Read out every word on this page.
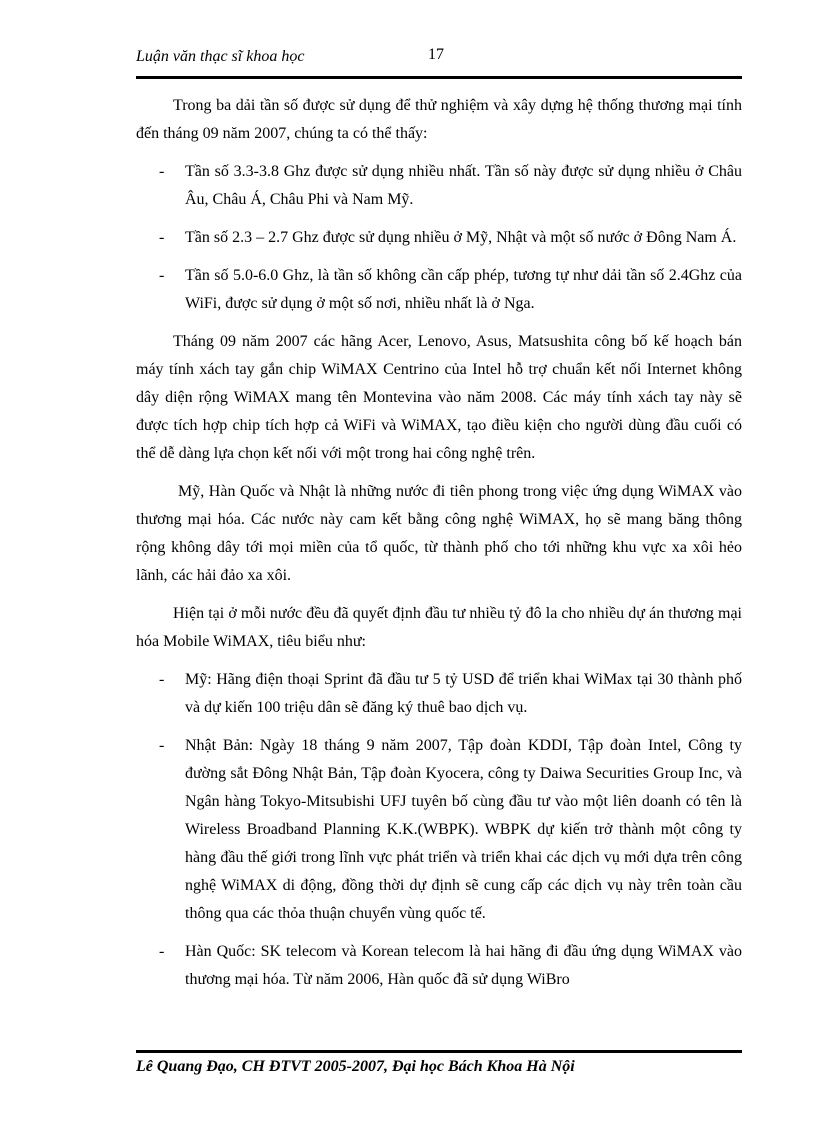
Luận văn thạc sĩ khoa học	17

Trong ba dải tần số được sử dụng để thử nghiệm và xây dựng hệ thống thương mại tính đến tháng 09 năm 2007, chúng ta có thể thấy:

- Tần số 3.3-3.8 Ghz được sử dụng nhiều nhất. Tần số này được sử dụng nhiều ở Châu Âu, Châu Á, Châu Phi và Nam Mỹ.
- Tần số 2.3 – 2.7 Ghz được sử dụng nhiều ở Mỹ, Nhật và một số nước ở Đông Nam Á.
- Tần số 5.0-6.0 Ghz, là tần số không cần cấp phép, tương tự như dải tần số 2.4Ghz của WiFi, được sử dụng ở một số nơi, nhiều nhất là ở Nga.

Tháng 09 năm 2007 các hãng Acer, Lenovo, Asus, Matsushita công bố kế hoạch bán máy tính xách tay gắn chip WiMAX Centrino của Intel hỗ trợ chuẩn kết nối Internet không dây diện rộng WiMAX mang tên Montevina vào năm 2008. Các máy tính xách tay này sẽ được tích hợp chip tích hợp cả WiFi và WiMAX, tạo điều kiện cho người dùng đầu cuối có thể dễ dàng lựa chọn kết nối với một trong hai công nghệ trên.

Mỹ, Hàn Quốc và Nhật là những nước đi tiên phong trong việc ứng dụng WiMAX vào thương mại hóa. Các nước này cam kết bằng công nghệ WiMAX, họ sẽ mang băng thông rộng không dây tới mọi miền của tổ quốc, từ thành phố cho tới những khu vực xa xôi hẻo lãnh, các hải đảo xa xôi.

Hiện tại ở mỗi nước đều đã quyết định đầu tư nhiều tỷ đô la cho nhiều dự án thương mại hóa Mobile WiMAX, tiêu biểu như:

- Mỹ: Hãng điện thoại Sprint đã đầu tư 5 tỷ USD để triển khai WiMax tại 30 thành phố và dự kiến 100 triệu dân sẽ đăng ký thuê bao dịch vụ.
- Nhật Bản: Ngày 18 tháng 9 năm 2007, Tập đoàn KDDI, Tập đoàn Intel, Công ty đường sắt Đông Nhật Bản, Tập đoàn Kyocera, công ty Daiwa Securities Group Inc, và Ngân hàng Tokyo-Mitsubishi UFJ tuyên bố cùng đầu tư vào một liên doanh có tên là Wireless Broadband Planning K.K.(WBPK). WBPK dự kiến trở thành một công ty hàng đầu thế giới trong lĩnh vực phát triển và triển khai các dịch vụ mới dựa trên công nghệ WiMAX di động, đồng thời dự định sẽ cung cấp các dịch vụ này trên toàn cầu thông qua các thỏa thuận chuyển vùng quốc tế.
- Hàn Quốc: SK telecom và Korean telecom là hai hãng đi đầu ứng dụng WiMAX vào thương mại hóa. Từ năm 2006, Hàn quốc đã sử dụng WiBro
Lê Quang Đạo, CH ĐTVT 2005-2007, Đại học Bách Khoa Hà Nội
